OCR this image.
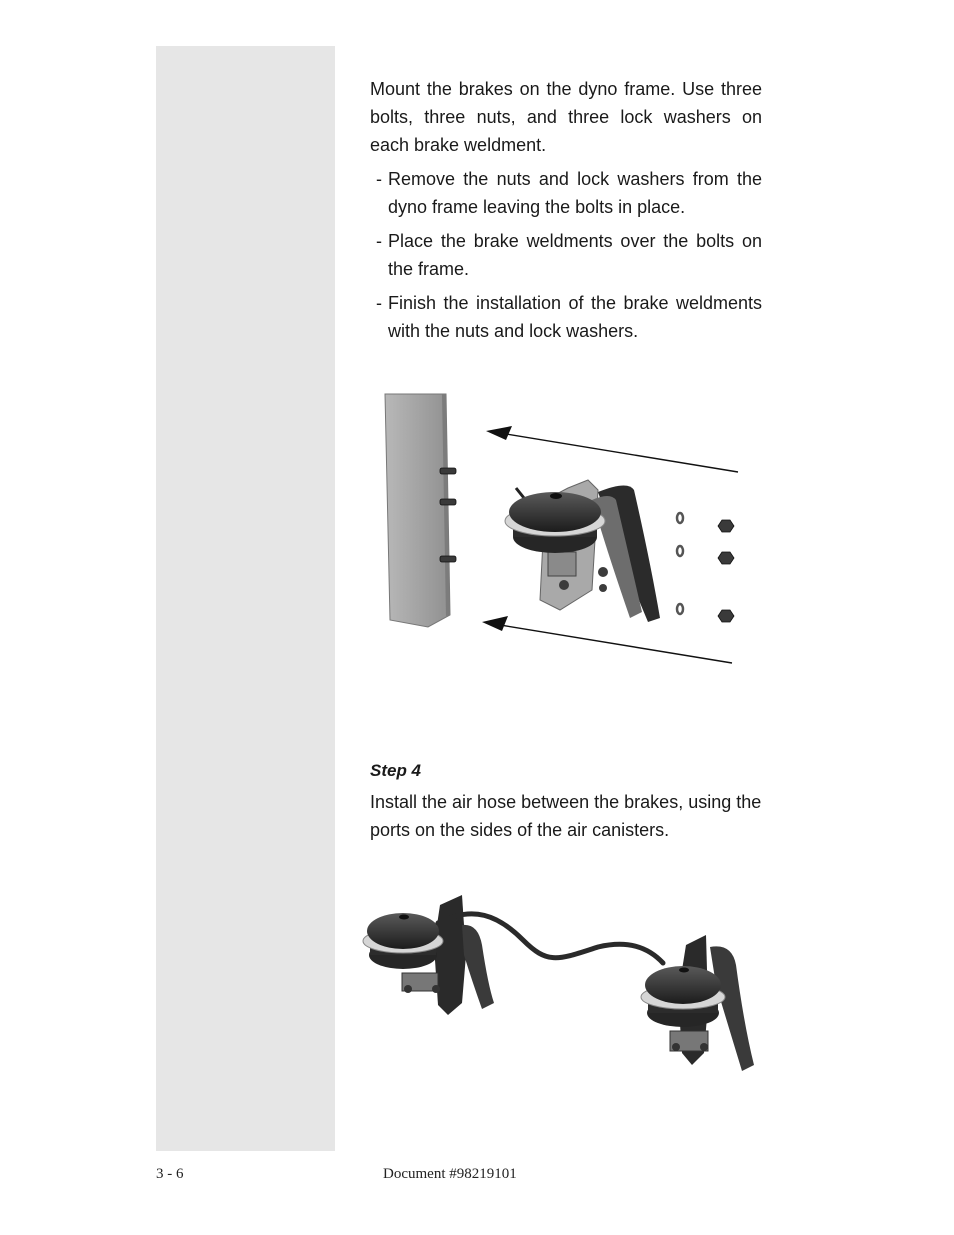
Mount the brakes on the dyno frame. Use three bolts, three nuts, and three lock washers on each brake weldment.
- Remove the nuts and lock washers from the dyno frame leaving the bolts in place.
- Place the brake weldments over the bolts on the frame.
- Finish the installation of the brake weldments with the nuts and lock washers.
Step 4
Install the air hose between the brakes, using the ports on the sides of the air canisters.
3 - 6	Document #98219101
